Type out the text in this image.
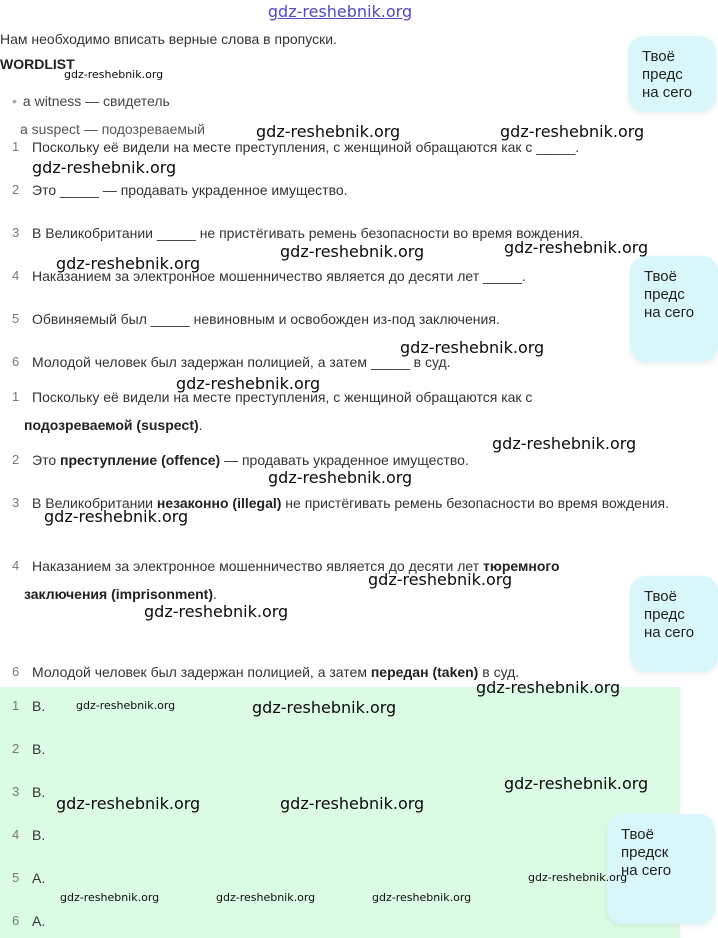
gdz-reshebnik.org
Нам необходимо вписать верные слова в пропуски.
WORDLIST
• a witness — свидетель
a suspect — подозреваемый
1 Поскольку её видели на месте преступления, с женщиной обращаются как с _____.
2 Это _____ — продавать украденное имущество.
3 В Великобритании _____ не пристёгивать ремень безопасности во время вождения.
4 Наказанием за электронное мошенничество является до десяти лет _____.
5 Обвиняемый был _____ невиновным и освобожден из-под заключения.
6 Молодой человек был задержан полицией, а затем _____ в суд.
1 Поскольку её видели на месте преступления, с женщиной обращаются как с
подозреваемой (suspect).
2 Это преступление (offence) — продавать украденное имущество.
3 В Великобритании незаконно (illegal) не пристёгивать ремень безопасности во время вождения.
4 Наказанием за электронное мошенничество является до десяти лет тюремного
заключения (imprisonment).
6 Молодой человек был задержан полицией, а затем передан (taken) в суд.
1 B.
2 B.
3 B.
4 B.
5 A.
6 A.
Твоё
предс
на сего
Твоё
предс
на сего
Твоё
предс
на сего
Твоё
предск
на сего
gdz-reshebnik.org
gdz-reshebnik.org	gdz-reshebnik.org
gdz-reshebnik.org
gdz-reshebnik.org	gdz-reshebnik.org
gdz-reshebnik.org
gdz-reshebnik.org
gdz-reshebnik.org
gdz-reshebnik.org
gdz-reshebnik.org
gdz-reshebnik.org
gdz-reshebnik.org
gdz-reshebnik.org
gdz-reshebnik.org
gdz-reshebnik.org	gdz-reshebnik.org
gdz-reshebnik.org
gdz-reshebnik.org	gdz-reshebnik.org
gdz-reshebnik.org
gdz-reshebnik.org	gdz-reshebnik.org	gdz-reshebnik.org
